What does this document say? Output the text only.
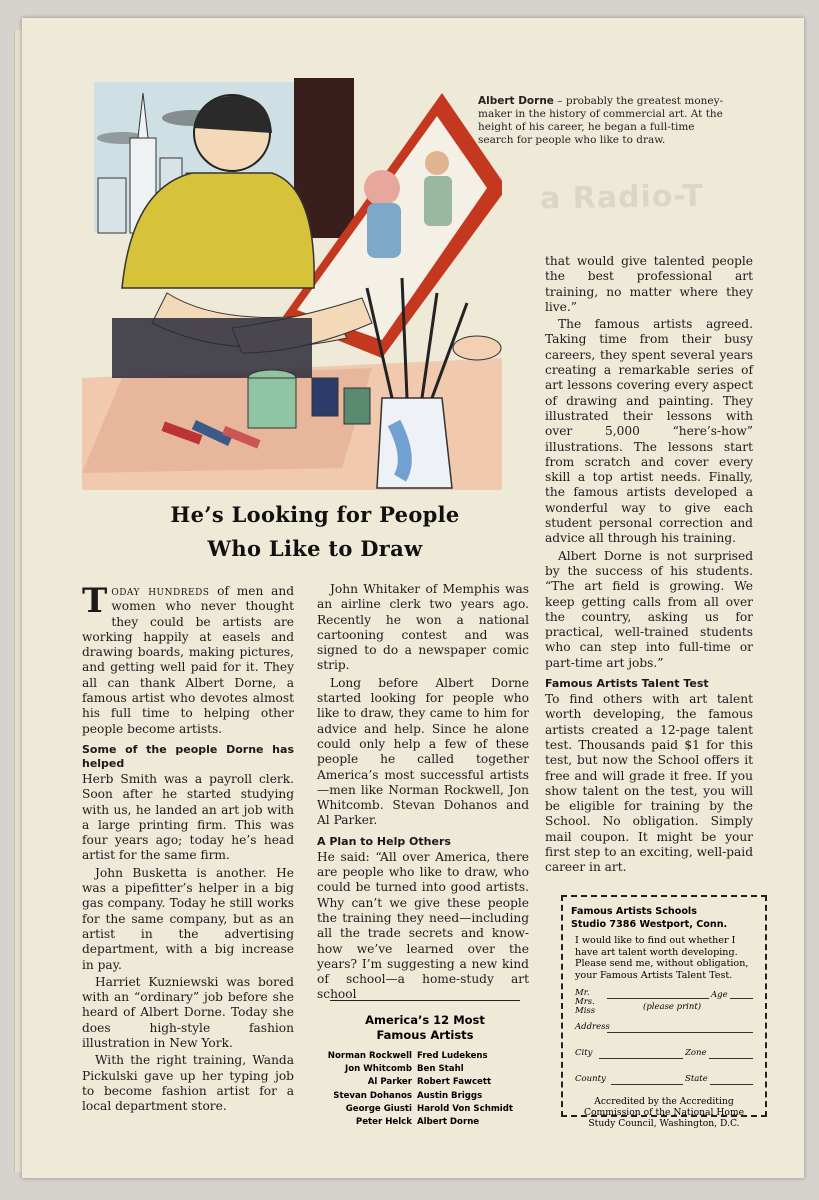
a Radio-T
Albert Dorne – probably the greatest money-maker in the history of commercial art. At the height of his career, he began a full-time search for people who like to draw.
He’s Looking for People
Who Like to Draw

Today hundreds of men and women who never thought they could be artists are working happily at easels and drawing boards, making pictures, and getting well paid for it. They all can thank Albert Dorne, a famous artist who devotes almost his full time to helping other people become artists.

Some of the people Dorne has helped

Herb Smith was a payroll clerk. Soon after he started studying with us, he landed an art job with a large printing firm. This was four years ago; today he’s head artist for the same firm.

John Busketta is another. He was a pipefitter’s helper in a big gas company. Today he still works for the same company, but as an artist in the advertising department, with a big increase in pay.

Harriet Kuzniewski was bored with an “ordinary” job before she heard of Albert Dorne. Today she does high-style fashion illustration in New York.

With the right training, Wanda Pickulski gave up her typing job to become fashion artist for a local department store.

John Whitaker of Memphis was an airline clerk two years ago. Recently he won a national cartooning contest and was signed to do a newspaper comic strip.

Long before Albert Dorne started looking for people who like to draw, they came to him for advice and help. Since he alone could only help a few of these people he called together America’s most successful artists —men like Norman Rockwell, Jon Whitcomb. Stevan Dohanos and Al Parker.

A Plan to Help Others

He said: “All over America, there are people who like to draw, who could be turned into good artists. Why can’t we give these people the training they need—including all the trade secrets and know-how we’ve learned over the years? I’m suggesting a new kind of school—a home-study art school

that would give talented people the best professional art training, no matter where they live.”

The famous artists agreed. Taking time from their busy careers, they spent several years creating a remarkable series of art lessons covering every aspect of drawing and painting. They illustrated their lessons with over 5,000 “here’s-how” illustrations. The lessons start from scratch and cover every skill a top artist needs. Finally, the famous artists developed a wonderful way to give each student personal correction and advice all through his training.

Albert Dorne is not surprised by the success of his students. “The art field is growing. We keep getting calls from all over the country, asking us for practical, well-trained students who can step into full-time or part-time art jobs.”

Famous Artists Talent Test

To find others with art talent worth developing, the famous artists created a 12-page talent test. Thousands paid $1 for this test, but now the School offers it free and will grade it free. If you show talent on the test, you will be eligible for training by the School. No obligation. Simply mail coupon. It might be your first step to an exciting, well-paid career in art.

America’s 12 Most
Famous Artists
Norman Rockwell Fred Ludekens
Jon Whitcomb Ben Stahl
Al Parker Robert Fawcett
Stevan Dohanos Austin Briggs
George Giusti Harold Von Schmidt
Peter Helck Albert Dorne
Famous Artists Schools
Studio 7386 Westport, Conn.
I would like to find out whether I have art talent worth developing. Please send me, without obligation, your Famous Artists Talent Test.
Mr. Mrs. Miss
Age
(please print)
Address
City	Zone
County	State
Accredited by the Accrediting Commission of the National Home Study Council, Washington, D.C.
